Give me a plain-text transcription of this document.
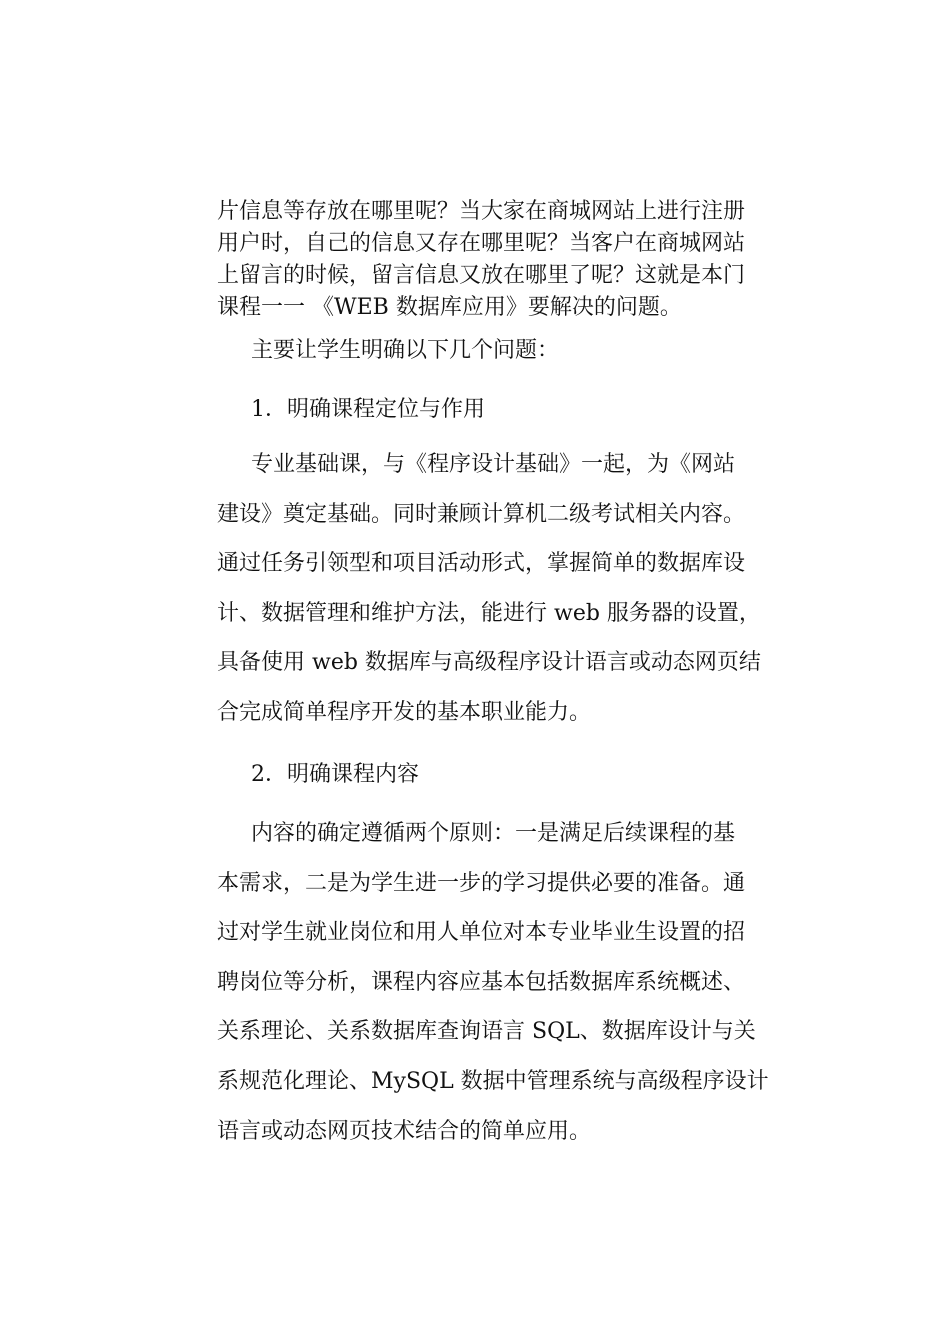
片信息等存放在哪里呢？当大家在商城网站上进行注册
用户时，自己的信息又存在哪里呢？当客户在商城网站
上留言的时候，留言信息又放在哪里了呢？这就是本门
课程一一 《WEB 数据库应用》要解决的问题。
主要让学生明确以下几个问题：
1．明确课程定位与作用
专业基础课，与《程序设计基础》一起，为《网站
建设》奠定基础。同时兼顾计算机二级考试相关内容。
通过任务引领型和项目活动形式，掌握简单的数据库设
计、数据管理和维护方法，能进行 web 服务器的设置，
具备使用 web 数据库与高级程序设计语言或动态网页结
合完成简单程序开发的基本职业能力。
2．明确课程内容
内容的确定遵循两个原则：一是满足后续课程的基
本需求，二是为学生进一步的学习提供必要的准备。通
过对学生就业岗位和用人单位对本专业毕业生设置的招
聘岗位等分析，课程内容应基本包括数据库系统概述、
关系理论、关系数据库查询语言 SQL、数据库设计与关
系规范化理论、MySQL 数据中管理系统与高级程序设计
语言或动态网页技术结合的简单应用。
